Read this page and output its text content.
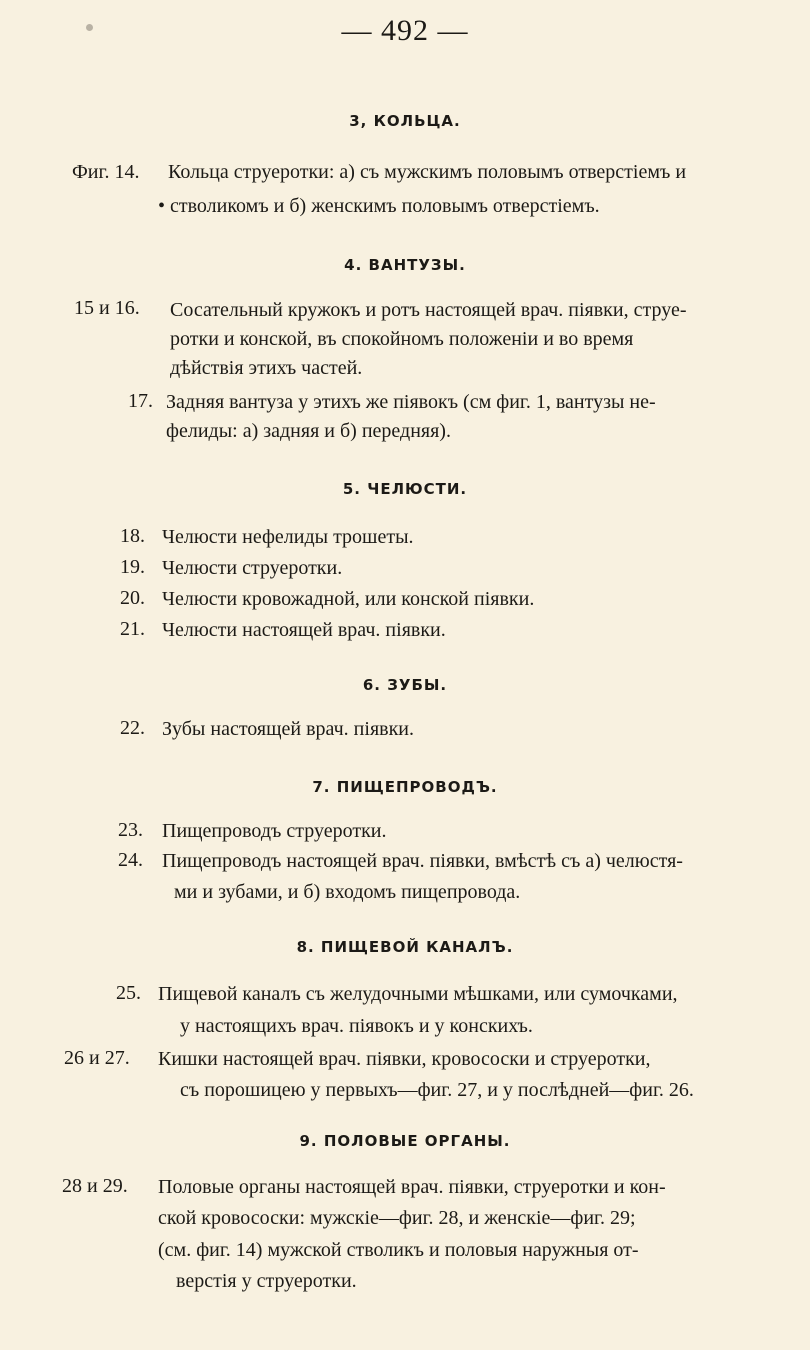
— 492 —
3, КОЛЬЦА.
Фиг. 14. Кольца струеротки: а) съ мужскимъ половымъ отверстіемъ и
• стволикомъ и б) женскимъ половымъ отверстіемъ.
4. ВАНТУЗЫ.
15 и 16. Сосательный кружокъ и ротъ настоящей врач. піявки, струе-
ротки и конской, въ спокойномъ положеніи и во время
дѣйствія этихъ частей.
17. Задняя вантуза у этихъ же піявокъ (см фиг. 1, вантузы не-
фелиды: а) задняя и б) передняя).
5. ЧЕЛЮСТИ.
18. Челюсти нефелиды трошеты.
19. Челюсти струеротки.
20. Челюсти кровожадной, или конской піявки.
21. Челюсти настоящей врач. піявки.
6. ЗУБЫ.
22. Зубы настоящей врач. піявки.
7. ПИЩЕПРОВОДЪ.
23. Пищепроводъ струеротки.
24. Пищепроводъ настоящей врач. піявки, вмѣстѣ съ а) челюстя-
ми и зубами, и б) входомъ пищепровода.
8. ПИЩЕВОЙ КАНАЛЪ.
25. Пищевой каналъ съ желудочными мѣшками, или сумочками,
у настоящихъ врач. піявокъ и у конскихъ.
26 и 27. Кишки настоящей врач. піявки, кровососки и струеротки,
съ порошицею у первыхъ—фиг. 27, и у послѣдней—фиг. 26.
9. ПОЛОВЫЕ ОРГАНЫ.
28 и 29. Половые органы настоящей врач. піявки, струеротки и кон-
ской кровососки: мужскіе—фиг. 28, и женскіе—фиг. 29;
(см. фиг. 14) мужской стволикъ и половыя наружныя от-
верстія у струеротки.
